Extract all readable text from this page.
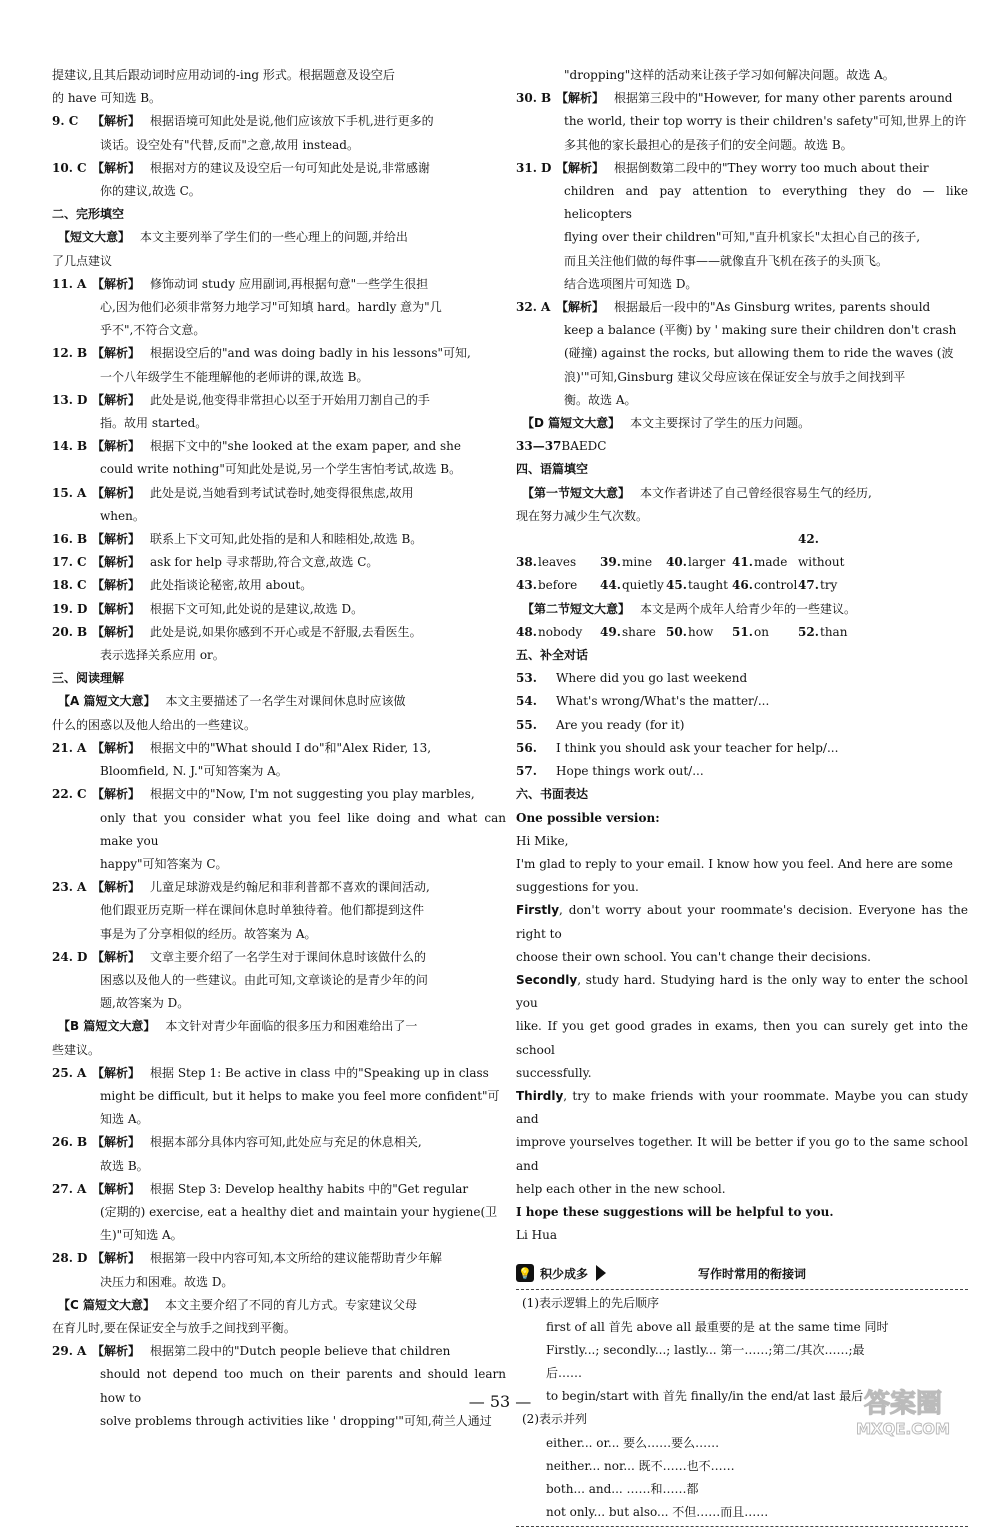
提建议,且其后跟动词时应用动词的-ing 形式。根据题意及设空后

的 have 可知选 B。

9. C 【解析】 根据语境可知此处是说,他们应该放下手机,进行更多的

谈话。设空处有"代替,反而"之意,故用 instead。

10. C 【解析】 根据对方的建议及设空后一句可知此处是说,非常感谢

你的建议,故选 C。

二、完形填空

【短文大意】 本文主要列举了学生们的一些心理上的问题,并给出

了几点建议

11. A 【解析】 修饰动词 study 应用副词,再根据句意"一些学生很担

心,因为他们必须非常努力地学习"可知填 hard。hardly 意为"几

乎不",不符合文意。

12. B 【解析】 根据设空后的"and was doing badly in his lessons"可知,

一个八年级学生不能理解他的老师讲的课,故选 B。

13. D 【解析】 此处是说,他变得非常担心以至于开始用刀割自己的手

指。故用 started。

14. B 【解析】 根据下文中的"she looked at the exam paper, and she

could write nothing"可知此处是说,另一个学生害怕考试,故选 B。

15. A 【解析】 此处是说,当她看到考试试卷时,她变得很焦虑,故用

when。

16. B 【解析】 联系上下文可知,此处指的是和人和睦相处,故选 B。

17. C 【解析】 ask for help 寻求帮助,符合文意,故选 C。

18. C 【解析】 此处指谈论秘密,故用 about。

19. D 【解析】 根据下文可知,此处说的是建议,故选 D。

20. B 【解析】 此处是说,如果你感到不开心或是不舒服,去看医生。

表示选择关系应用 or。

三、阅读理解

【A 篇短文大意】 本文主要描述了一名学生对课间休息时应该做

什么的困惑以及他人给出的一些建议。

21. A 【解析】 根据文中的"What should I do"和"Alex Rider, 13,

Bloomfield, N. J."可知答案为 A。

22. C 【解析】 根据文中的"Now, I'm not suggesting you play marbles,

only that you consider what you feel like doing and what can make you

happy"可知答案为 C。

23. A 【解析】 儿童足球游戏是约翰尼和菲利普都不喜欢的课间活动,

他们跟亚历克斯一样在课间休息时单独待着。他们都提到这件

事是为了分享相似的经历。故答案为 A。

24. D 【解析】 文章主要介绍了一名学生对于课间休息时该做什么的

困惑以及他人的一些建议。由此可知,文章谈论的是青少年的问

题,故答案为 D。

【B 篇短文大意】 本文针对青少年面临的很多压力和困难给出了一

些建议。

25. A 【解析】 根据 Step 1: Be active in class 中的"Speaking up in class

might be difficult, but it helps to make you feel more confident"可

知选 A。

26. B 【解析】 根据本部分具体内容可知,此处应与充足的休息相关,

故选 B。

27. A 【解析】 根据 Step 3: Develop healthy habits 中的"Get regular

(定期的) exercise, eat a healthy diet and maintain your hygiene(卫

生)"可知选 A。

28. D 【解析】 根据第一段中内容可知,本文所给的建议能帮助青少年解

决压力和困难。故选 D。

【C 篇短文大意】 本文主要介绍了不同的育儿方式。专家建议父母

在育儿时,要在保证安全与放手之间找到平衡。

29. A 【解析】 根据第二段中的"Dutch people believe that children

should not depend too much on their parents and should learn how to

solve problems through activities like ' dropping'"可知,荷兰人通过

"dropping"这样的活动来让孩子学习如何解决问题。故选 A。

30. B 【解析】 根据第三段中的"However, for many other parents around

the world, their top worry is their children's safety"可知,世界上的许

多其他的家长最担心的是孩子们的安全问题。故选 B。

31. D 【解析】 根据倒数第二段中的"They worry too much about their

children and pay attention to everything they do — like helicopters

flying over their children"可知,"直升机家长"太担心自己的孩子,

而且关注他们做的每件事——就像直升飞机在孩子的头顶飞。

结合选项图片可知选 D。

32. A 【解析】 根据最后一段中的"As Ginsburg writes, parents should

keep a balance (平衡) by ' making sure their children don't crash

(碰撞) against the rocks, but allowing them to ride the waves (波

浪)'"可知,Ginsburg 建议父母应该在保证安全与放手之间找到平

衡。故选 A。

【D 篇短文大意】 本文主要探讨了学生的压力问题。

33—37BAEDC

四、语篇填空

【第一节短文大意】 本文作者讲述了自己曾经很容易生气的经历,

现在努力减少生气次数。

38.leaves 39.mine 40.larger 41.made42.without

43.before 44.quietly 45.taught 46.control47.try

【第二节短文大意】 本文是两个成年人给青少年的一些建议。

48.nobody 49.share 50.how 51.on 52.than

五、补全对话

53. Where did you go last weekend

54. What's wrong/What's the matter/...

55. Are you ready (for it)

56. I think you should ask your teacher for help/...

57. Hope things work out/...

六、书面表达

One possible version:

Hi Mike,

I'm glad to reply to your email. I know how you feel. And here are some

suggestions for you.

Firstly, don't worry about your roommate's decision. Everyone has the right to

choose their own school. You can't change their decisions.

Secondly, study hard. Studying hard is the only way to enter the school you

like. If you get good grades in exams, then you can surely get into the school

successfully.

Thirdly, try to make friends with your roommate. Maybe you can study and

improve yourselves together. It will be better if you go to the same school and

help each other in the new school.

I hope these suggestions will be helpful to you.

Li Hua

💡 积少成多	写作时常用的衔接词

(1)表示逻辑上的先后顺序

first of all 首先 above all 最重要的是 at the same time 同时

Firstly...; secondly...; lastly... 第一……;第二/其次……;最

后……

to begin/start with 首先 finally/in the end/at last 最后

(2)表示并列

either... or... 要么……要么……

neither... nor... 既不……也不……

both... and... ……和……都

not only... but also... 不但……而且……

— 53 —	答案圈
MXQE.COM
